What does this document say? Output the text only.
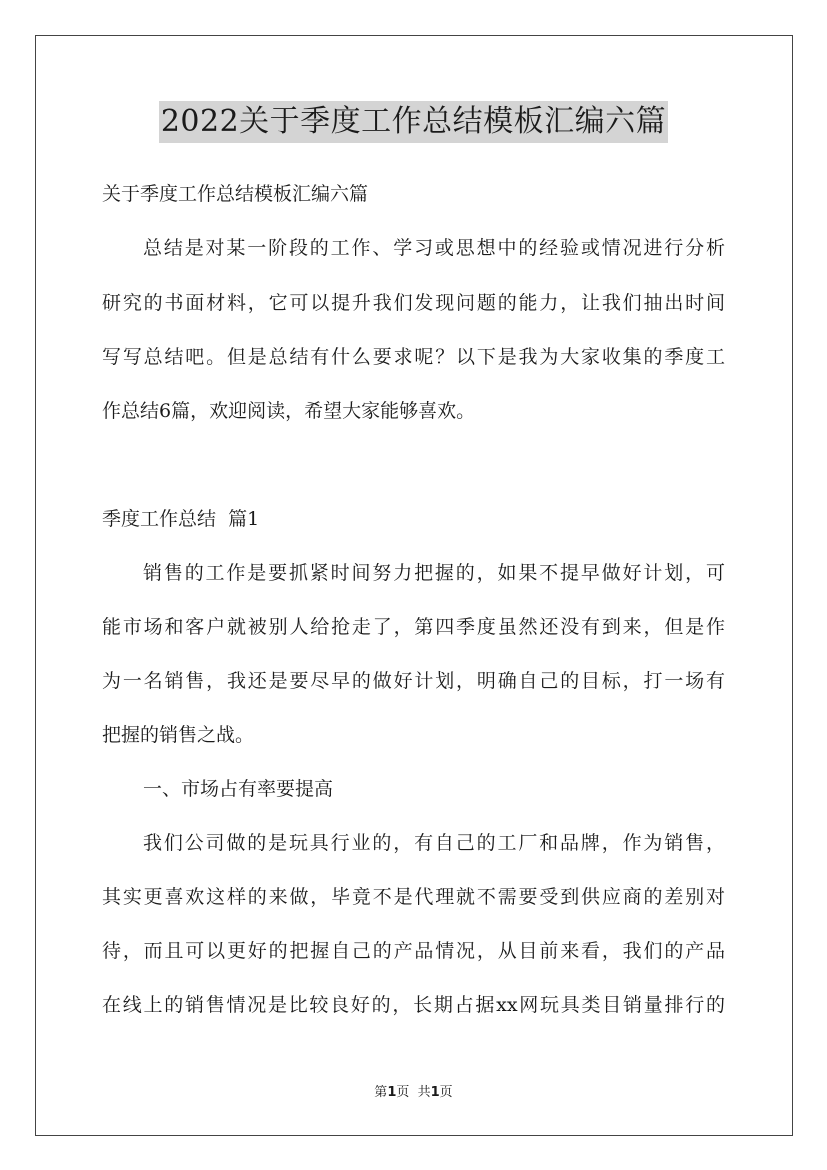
2022关于季度工作总结模板汇编六篇
关于季度工作总结模板汇编六篇
总结是对某一阶段的工作、学习或思想中的经验或情况进行分析
研究的书面材料，它可以提升我们发现问题的能力，让我们抽出时间
写写总结吧。但是总结有什么要求呢？以下是我为大家收集的季度工
作总结6篇，欢迎阅读，希望大家能够喜欢。
季度工作总结  篇1
销售的工作是要抓紧时间努力把握的，如果不提早做好计划，可
能市场和客户就被别人给抢走了，第四季度虽然还没有到来，但是作
为一名销售，我还是要尽早的做好计划，明确自己的目标，打一场有
把握的销售之战。
一、市场占有率要提高
我们公司做的是玩具行业的，有自己的工厂和品牌，作为销售，
其实更喜欢这样的来做，毕竟不是代理就不需要受到供应商的差别对
待，而且可以更好的把握自己的产品情况，从目前来看，我们的产品
在线上的销售情况是比较良好的，长期占据xx网玩具类目销量排行的
第1页  共1页
